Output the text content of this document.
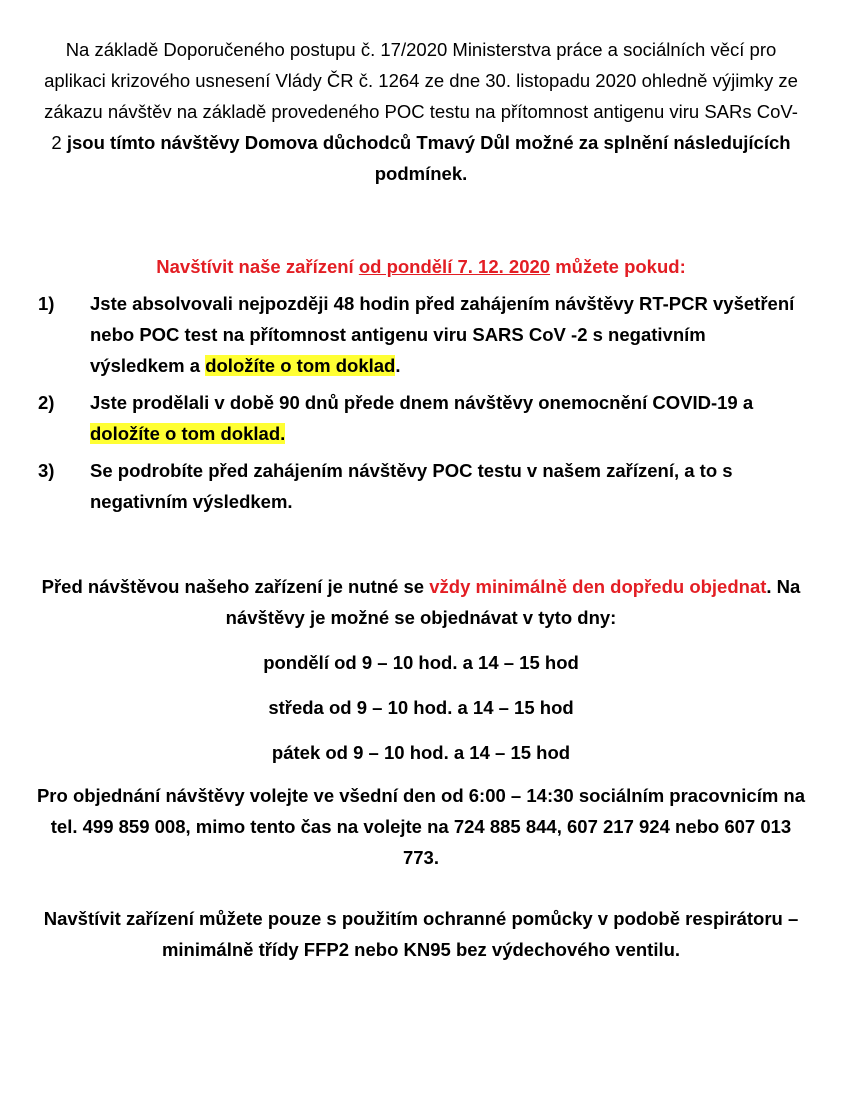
Na základě Doporučeného postupu č. 17/2020 Ministerstva práce a sociálních věcí pro aplikaci krizového usnesení Vlády ČR č. 1264 ze dne 30. listopadu 2020 ohledně výjimky ze zákazu návštěv na základě provedeného POC testu na přítomnost antigenu viru SARs CoV-2 jsou tímto návštěvy Domova důchodců Tmavý Důl možné za splnění následujících podmínek.

Navštívit naše zařízení od pondělí 7. 12. 2020 můžete pokud:

1)	Jste absolvovali nejpozději 48 hodin před zahájením návštěvy RT-PCR vyšetření nebo POC test na přítomnost antigenu viru SARS CoV -2 s negativním výsledkem a doložíte o tom doklad.
2)	Jste prodělali v době 90 dnů přede dnem návštěvy onemocnění COVID-19 a doložíte o tom doklad.
3)	Se podrobíte před zahájením návštěvy POC testu v našem zařízení, a to s negativním výsledkem.

Před návštěvou našeho zařízení je nutné se vždy minimálně den dopředu objednat. Na návštěvy je možné se objednávat v tyto dny:

pondělí od 9 – 10 hod. a 14 – 15 hod

středa od 9 – 10 hod. a 14 – 15 hod

pátek od 9 – 10 hod. a 14 – 15 hod

Pro objednání návštěvy volejte ve všední den od 6:00 – 14:30 sociálním pracovnicím na tel. 499 859 008, mimo tento čas na volejte na 724 885 844, 607 217 924 nebo 607 013 773.

Navštívit zařízení můžete pouze s použitím ochranné pomůcky v podobě respirátoru – minimálně třídy FFP2 nebo KN95 bez výdechového ventilu.
